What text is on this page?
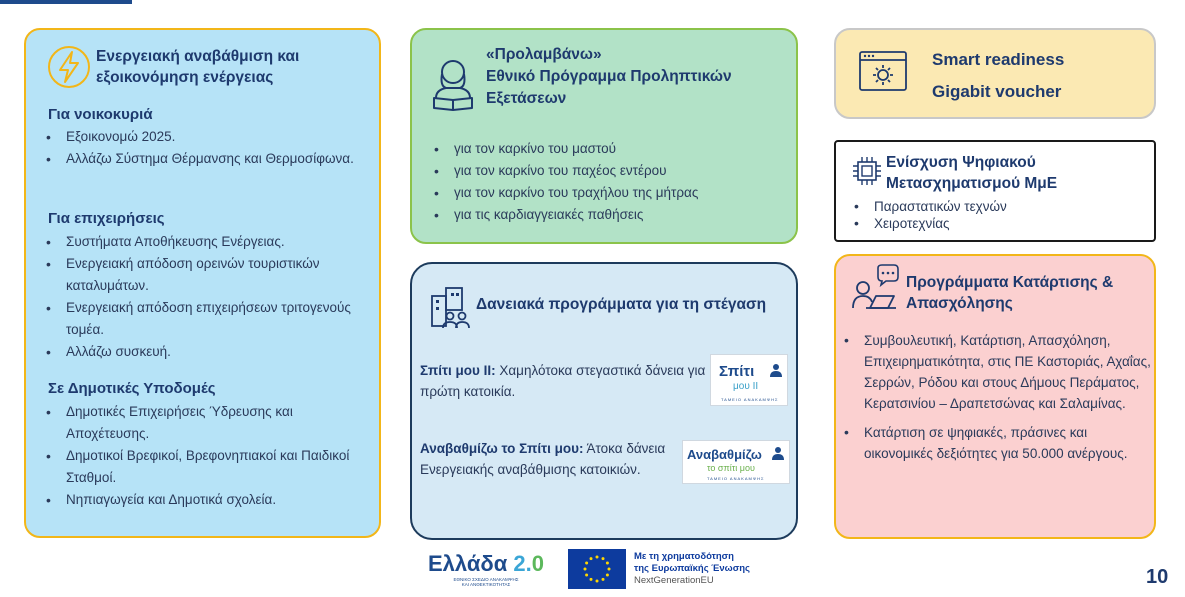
Ενεργειακή αναβάθμιση και εξοικονόμηση ενέργειας
Για νοικοκυριά
• Εξοικονομώ 2025.
• Αλλάζω Σύστημα Θέρμανσης και Θερμοσίφωνα.
Για επιχειρήσεις
• Συστήματα Αποθήκευσης Ενέργειας.
• Ενεργειακή απόδοση ορεινών τουριστικών καταλυμάτων.
• Ενεργειακή απόδοση επιχειρήσεων τριτογενούς τομέα.
• Αλλάζω συσκευή.
Σε Δημοτικές Υποδομές
• Δημοτικές Επιχειρήσεις Ύδρευσης και Αποχέτευσης.
• Δημοτικοί Βρεφικοί, Βρεφονηπιακοί και Παιδικοί Σταθμοί.
• Νηπιαγωγεία και Δημοτικά σχολεία.
«Προλαμβάνω»
Εθνικό Πρόγραμμα Προληπτικών Εξετάσεων
• για τον καρκίνο του μαστού
• για τον καρκίνο του παχέος εντέρου
• για τον καρκίνο του τραχήλου της μήτρας
• για τις καρδιαγγειακές παθήσεις
Δανειακά προγράμματα για τη στέγαση
Σπίτι μου ΙΙ: Χαμηλότοκα στεγαστικά δάνεια για πρώτη κατοικία.
Σπίτι
μου ΙΙ
ΤΑΜΕΙΟ ΑΝΑΚΑΜΨΗΣ
Αναβαθμίζω το Σπίτι μου: Άτοκα δάνεια Ενεργειακής αναβάθμισης κατοικιών.
Αναβαθμίζω
το σπίτι μου
ΤΑΜΕΙΟ ΑΝΑΚΑΜΨΗΣ
Smart readiness
Gigabit voucher
Ενίσχυση Ψηφιακού Μετασχηματισμού ΜμΕ
• Παραστατικών τεχνών
• Χειροτεχνίας
Προγράμματα Κατάρτισης & Απασχόλησης
• Συμβουλευτική, Κατάρτιση, Απασχόληση, Επιχειρηματικότητα, στις ΠΕ Καστοριάς, Αχαΐας, Σερρών, Ρόδου και στους Δήμους Περάματος, Κερατσινίου – Δραπετσώνας και Σαλαμίνας.
• Κατάρτιση σε ψηφιακές, πράσινες και οικονομικές δεξιότητες για 50.000 ανέργους.
Ελλάδα 2.0
ΕΘΝΙΚΟ ΣΧΕΔΙΟ ΑΝΑΚΑΜΨΗΣ
ΚΑΙ ΑΝΘΕΚΤΙΚΟΤΗΤΑΣ
Με τη χρηματοδότηση
της Ευρωπαϊκής Ένωσης
NextGenerationEU	10
